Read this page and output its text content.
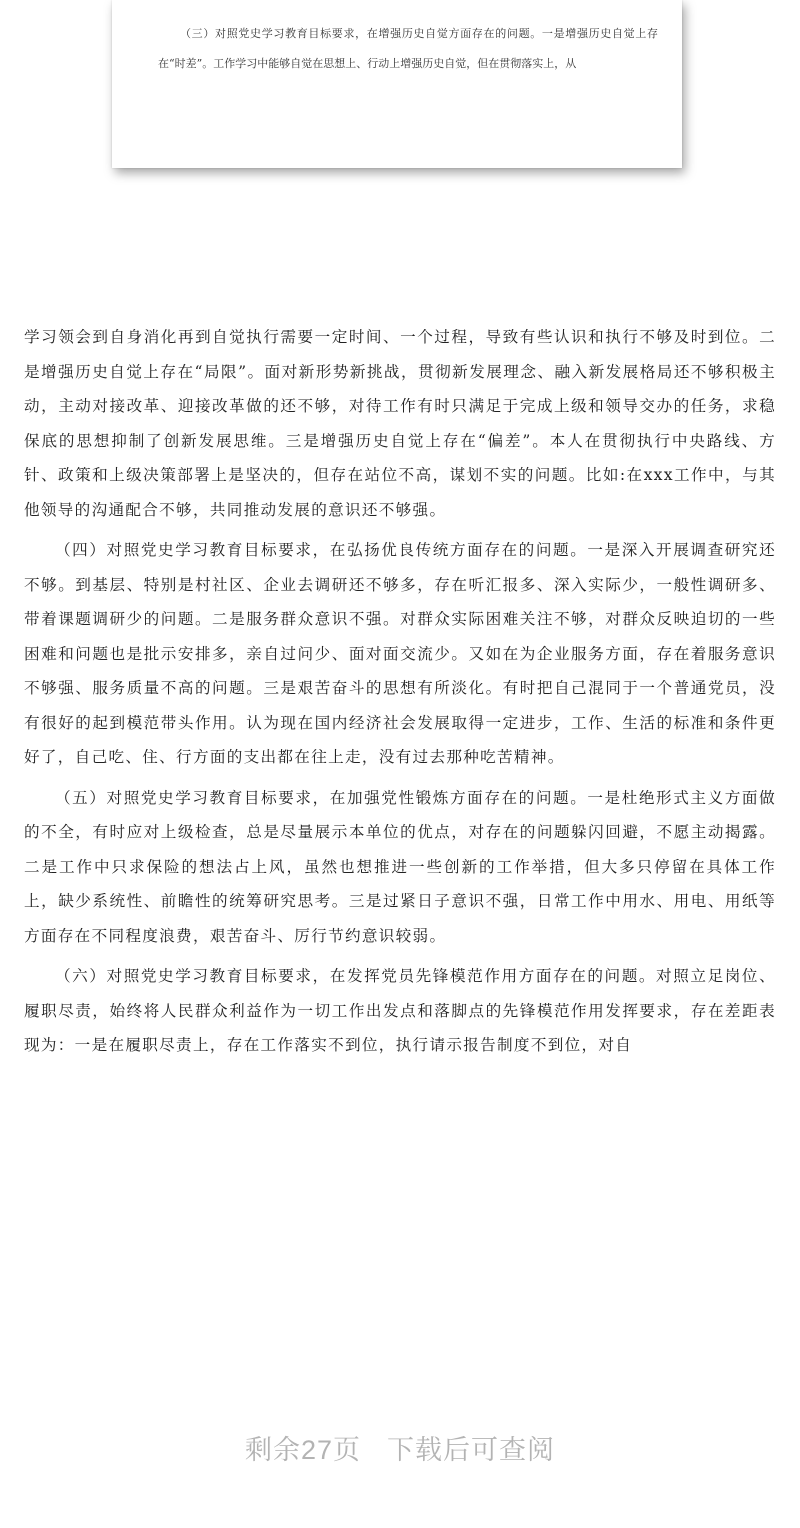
（三）对照党史学习教育目标要求，在增强历史自觉方面存在的问题。一是增强历史自觉上存在“时差”。工作学习中能够自觉在思想上、行动上增强历史自觉，但在贯彻落实上，从

学习领会到自身消化再到自觉执行需要一定时间、一个过程，导致有些认识和执行不够及时到位。二是增强历史自觉上存在“局限”。面对新形势新挑战，贯彻新发展理念、融入新发展格局还不够积极主动，主动对接改革、迎接改革做的还不够，对待工作有时只满足于完成上级和领导交办的任务，求稳保底的思想抑制了创新发展思维。三是增强历史自觉上存在“偏差”。本人在贯彻执行中央路线、方针、政策和上级决策部署上是坚决的，但存在站位不高，谋划不实的问题。比如:在xxx工作中，与其他领导的沟通配合不够，共同推动发展的意识还不够强。

（四）对照党史学习教育目标要求，在弘扬优良传统方面存在的问题。一是深入开展调查研究还不够。到基层、特别是村社区、企业去调研还不够多，存在听汇报多、深入实际少，一般性调研多、带着课题调研少的问题。二是服务群众意识不强。对群众实际困难关注不够，对群众反映迫切的一些困难和问题也是批示安排多，亲自过问少、面对面交流少。又如在为企业服务方面，存在着服务意识不够强、服务质量不高的问题。三是艰苦奋斗的思想有所淡化。有时把自己混同于一个普通党员，没有很好的起到模范带头作用。认为现在国内经济社会发展取得一定进步，工作、生活的标准和条件更好了，自己吃、住、行方面的支出都在往上走，没有过去那种吃苦精神。

（五）对照党史学习教育目标要求，在加强党性锻炼方面存在的问题。一是杜绝形式主义方面做的不全，有时应对上级检查，总是尽量展示本单位的优点，对存在的问题躲闪回避，不愿主动揭露。二是工作中只求保险的想法占上风，虽然也想推进一些创新的工作举措，但大多只停留在具体工作上，缺少系统性、前瞻性的统筹研究思考。三是过紧日子意识不强，日常工作中用水、用电、用纸等方面存在不同程度浪费，艰苦奋斗、厉行节约意识较弱。

（六）对照党史学习教育目标要求，在发挥党员先锋模范作用方面存在的问题。对照立足岗位、履职尽责，始终将人民群众利益作为一切工作出发点和落脚点的先锋模范作用发挥要求，存在差距表现为：一是在履职尽责上，存在工作落实不到位，执行请示报告制度不到位，对自

剩余27页 下载后可查阅
